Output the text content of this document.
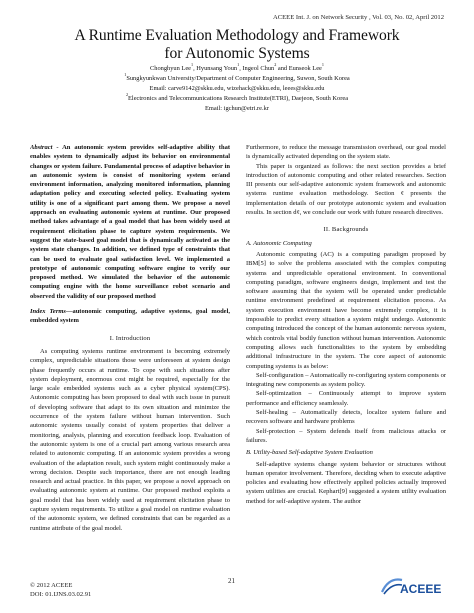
ACEEE Int. J. on Network Security , Vol. 03, No. 02, April 2012
A Runtime Evaluation Methodology and Framework
for Autonomic Systems
Chonghyun Lee$^1$, Hyunsang Youn$^1$, Ingeol Chun$^2$ and Eunseok Lee$^1$
$^1$Sungkyunkwan University/Department of Computer Engineering, Suwon, South Korea
Email: carve9142@skku.edu, wizehack@skku.edu, leees@skku.edu
$^2$Electronics and Telecommunications Research Institute(ETRI), Daejeon, South Korea
Email: igchun@etri.re.kr

Abstract - An autonomic system provides self-adaptive ability that enables system to dynamically adjust its behavior on environmental changes or system failure. Fundamental process of adaptive behavior in an autonomic system is consist of monitoring system or/and environment information, analyzing monitored information, planning adaptation policy and executing selected policy. Evaluating system utility is one of a significant part among them. We propose a novel approach on evaluating autonomic system at runtime. Our proposed method takes advantage of a goal model that has been widely used at requirement elicitation phase to capture system requirements. We suggest the state-based goal model that is dynamically activated as the system state changes. In addition, we defined type of constraints that can be used to evaluate goal satisfaction level. We implemented a prototype of autonomic computing software engine to verify our proposed method. We simulated the behavior of the autonomic computing engine with the home surveillance robot scenario and observed the validity of our proposed method

Index Terms—autonomic computing, adaptive systems, goal model, embedded system

I. Introduction

As computing systems runtime environment is becoming extremely complex, unpredictable situations those were unforeseen at system design phase frequently occurs at runtime. To cope with such situations after system deployment, enormous cost might be required, especially for the large scale embedded systems such as a cyber physical system(CPS). Autonomic computing has been proposed to deal with such issue in pursuit of developing software that adapt to its own situation and minimize the occurrence of the system failure without human intervention. Such autonomic systems usually consist of system properties that deliver a monitoring, analysis, planning and execution feedback loop. Evaluation of the autonomic system is one of a crucial part among various research area related to autonomic computing. If an autonomic system provides a wrong evaluation of the adaptation result, such system might continuously make a wrong decision. Despite such importance, there are not enough leading research and actual practice. In this paper, we propose a novel approach on evaluating autonomic system at runtime. Our proposed method exploits a goal model that has been widely used at requirement elicitation phase to capture system requirements. To utilize a goal model on runtime evaluation of the autonomic system, we defined constraints that can be regarded as a runtime attribute of the goal model.

Furthermore, to reduce the message transmission overhead, our goal model is dynamically activated depending on the system state.

This paper is organized as follows: the next section provides a brief introduction of autonomic computing and other related researches. Section III presents our self-adaptive autonomic system framework and autonomic systems runtime evaluation methodology. Section ¢ presents the implementation details of our prototype autonomic system and evaluation results. In section d¢, we conclude our work with future research directives.

II. Backgrounds

A. Autonomic Computing

Autonomic computing (AC) is a computing paradigm proposed by IBM[5] to solve the problems associated with the complex computing systems and unpredictable operational environment. In conventional computing paradigm, software engineers design, implement and test the software assuming that the system will be operated under predictable runtime environment predefined at requirement elicitation process. As system execution environment have become extremely complex, it is impossible to predict every situation a system might undergo. Autonomic computing introduced the concept of the human autonomic nervous system, which controls vital bodily function without human intervention. Autonomic computing allows such functionalities to the system by embedding additional infrastructure in the system. The core aspect of autonomic computing systems is as below:

Self-configuration – Automatically re-configuring system components or integrating new components as system policy.

Self-optimization – Continuously attempt to improve system performance and efficiency seamlessly.

Self-healing – Automatically detects, localize system failure and recovers software and hardware problems

Self-protection – System defends itself from malicious attacks or failures.

B. Utility-based Self-adaptive System Evaluation

Self-adaptive systems change system behavior or structures without human operator involvement. Therefore, deciding when to execute adaptive policies and evaluating how effectively applied policies actually improved system utilities are crucial. Kephart[9] suggested a system utility evaluation method for self-adaptive system. The author

© 2012 ACEEE
DOI: 01.IJNS.03.02.91
21
ACEEE
